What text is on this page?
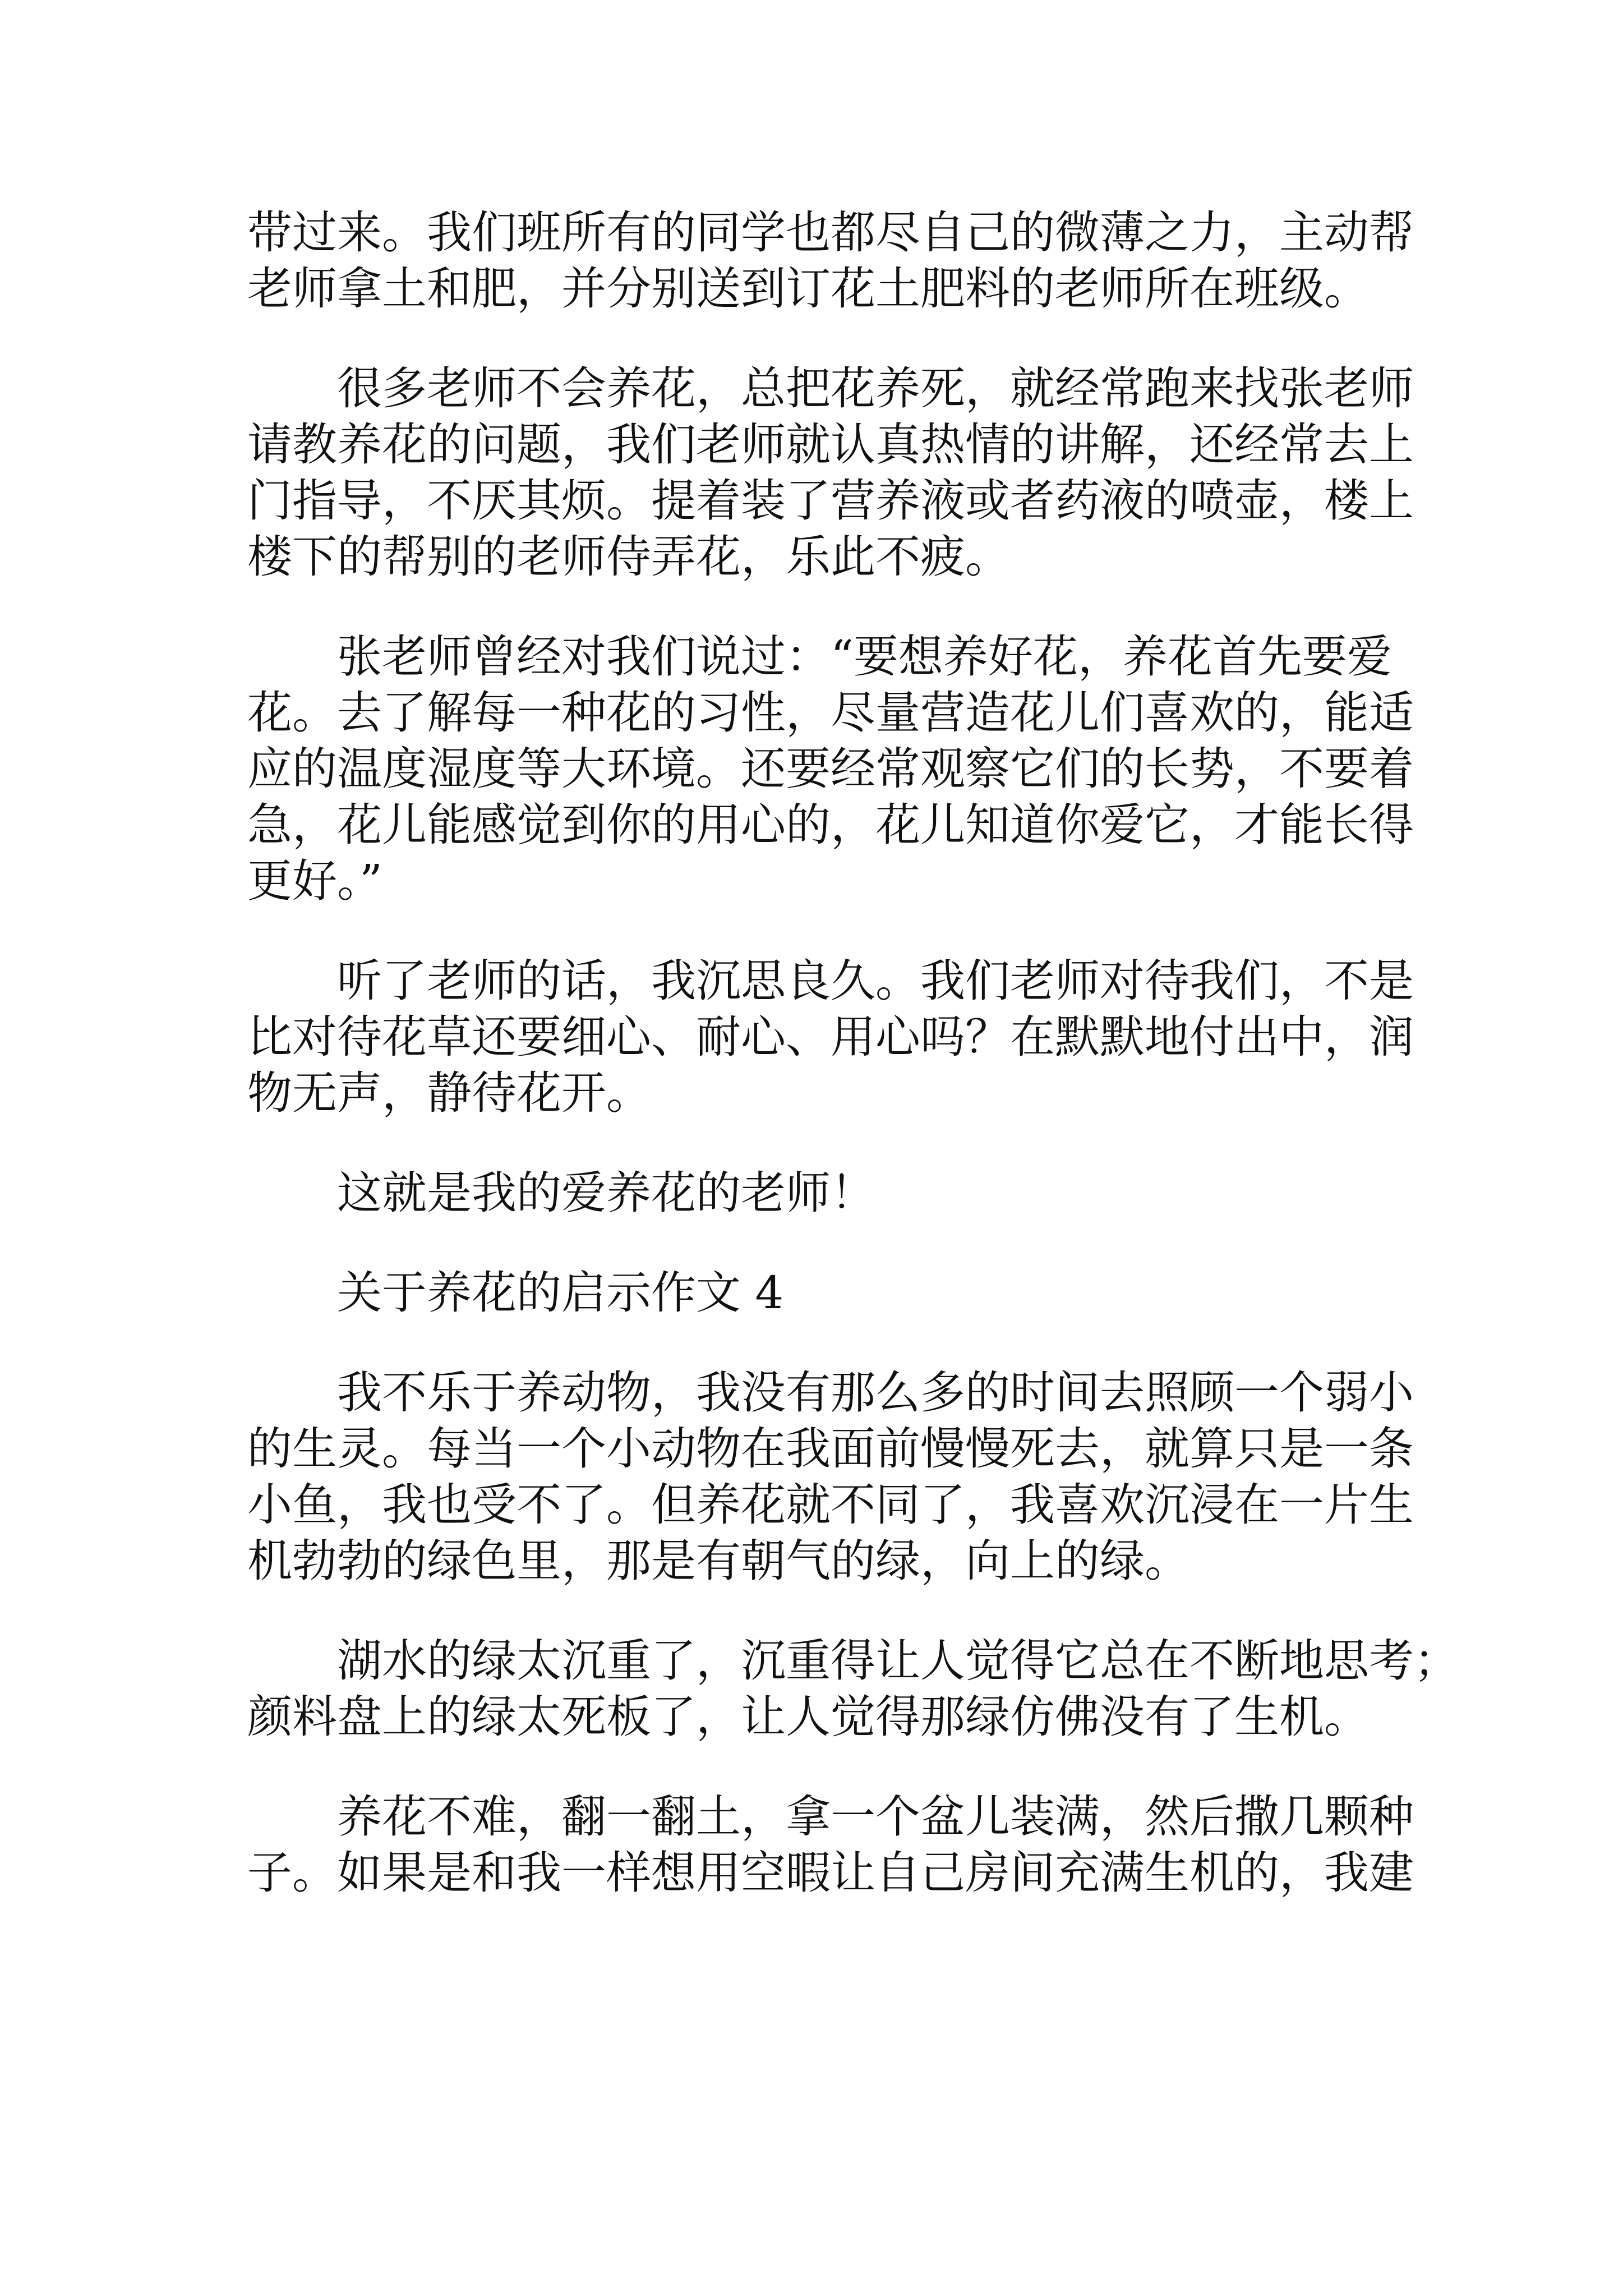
带过来。我们班所有的同学也都尽自己的微薄之力，主动帮

老师拿土和肥，并分别送到订花土肥料的老师所在班级。

很多老师不会养花，总把花养死，就经常跑来找张老师

请教养花的问题，我们老师就认真热情的讲解，还经常去上

门指导，不厌其烦。提着装了营养液或者药液的喷壶，楼上

楼下的帮别的老师侍弄花，乐此不疲。

张老师曾经对我们说过：“要想养好花，养花首先要爱

花。去了解每一种花的习性，尽量营造花儿们喜欢的，能适

应的温度湿度等大环境。还要经常观察它们的长势，不要着

急，花儿能感觉到你的用心的，花儿知道你爱它，才能长得

更好。”

听了老师的话，我沉思良久。我们老师对待我们，不是

比对待花草还要细心、耐心、用心吗？在默默地付出中，润

物无声，静待花开。

这就是我的爱养花的老师！

关于养花的启示作文 4

我不乐于养动物，我没有那么多的时间去照顾一个弱小

的生灵。每当一个小动物在我面前慢慢死去，就算只是一条

小鱼，我也受不了。但养花就不同了，我喜欢沉浸在一片生

机勃勃的绿色里，那是有朝气的绿，向上的绿。

湖水的绿太沉重了，沉重得让人觉得它总在不断地思考；

颜料盘上的绿太死板了，让人觉得那绿仿佛没有了生机。

养花不难，翻一翻土，拿一个盆儿装满，然后撒几颗种

子。如果是和我一样想用空暇让自己房间充满生机的，我建
